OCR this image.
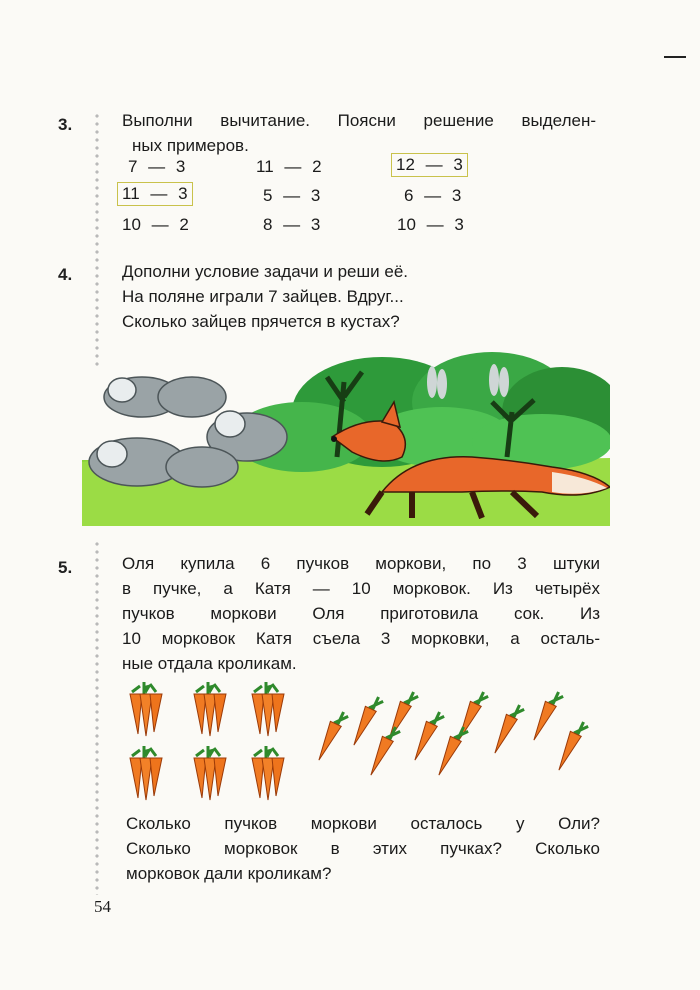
3.	Выполни вычитание. Поясни решение выделен-
ных примеров.
7 — 3	11 — 2	12 — 3
11 — 3	5 — 3	6 — 3
10 — 2	8 — 3	10 — 3
4.	Дополни условие задачи и реши её.
На поляне играли 7 зайцев. Вдруг...
Сколько зайцев прячется в кустах?
5.	Оля купила 6 пучков моркови, по 3 штуки
в пучке, а Катя — 10 морковок. Из четырёх
пучков моркови Оля приготовила сок. Из
10 морковок Катя съела 3 морковки, а осталь-
ные отдала кроликам.
Сколько пучков моркови осталось у Оли?
Сколько морковок в этих пучках? Сколько
морковок дали кроликам?
54
